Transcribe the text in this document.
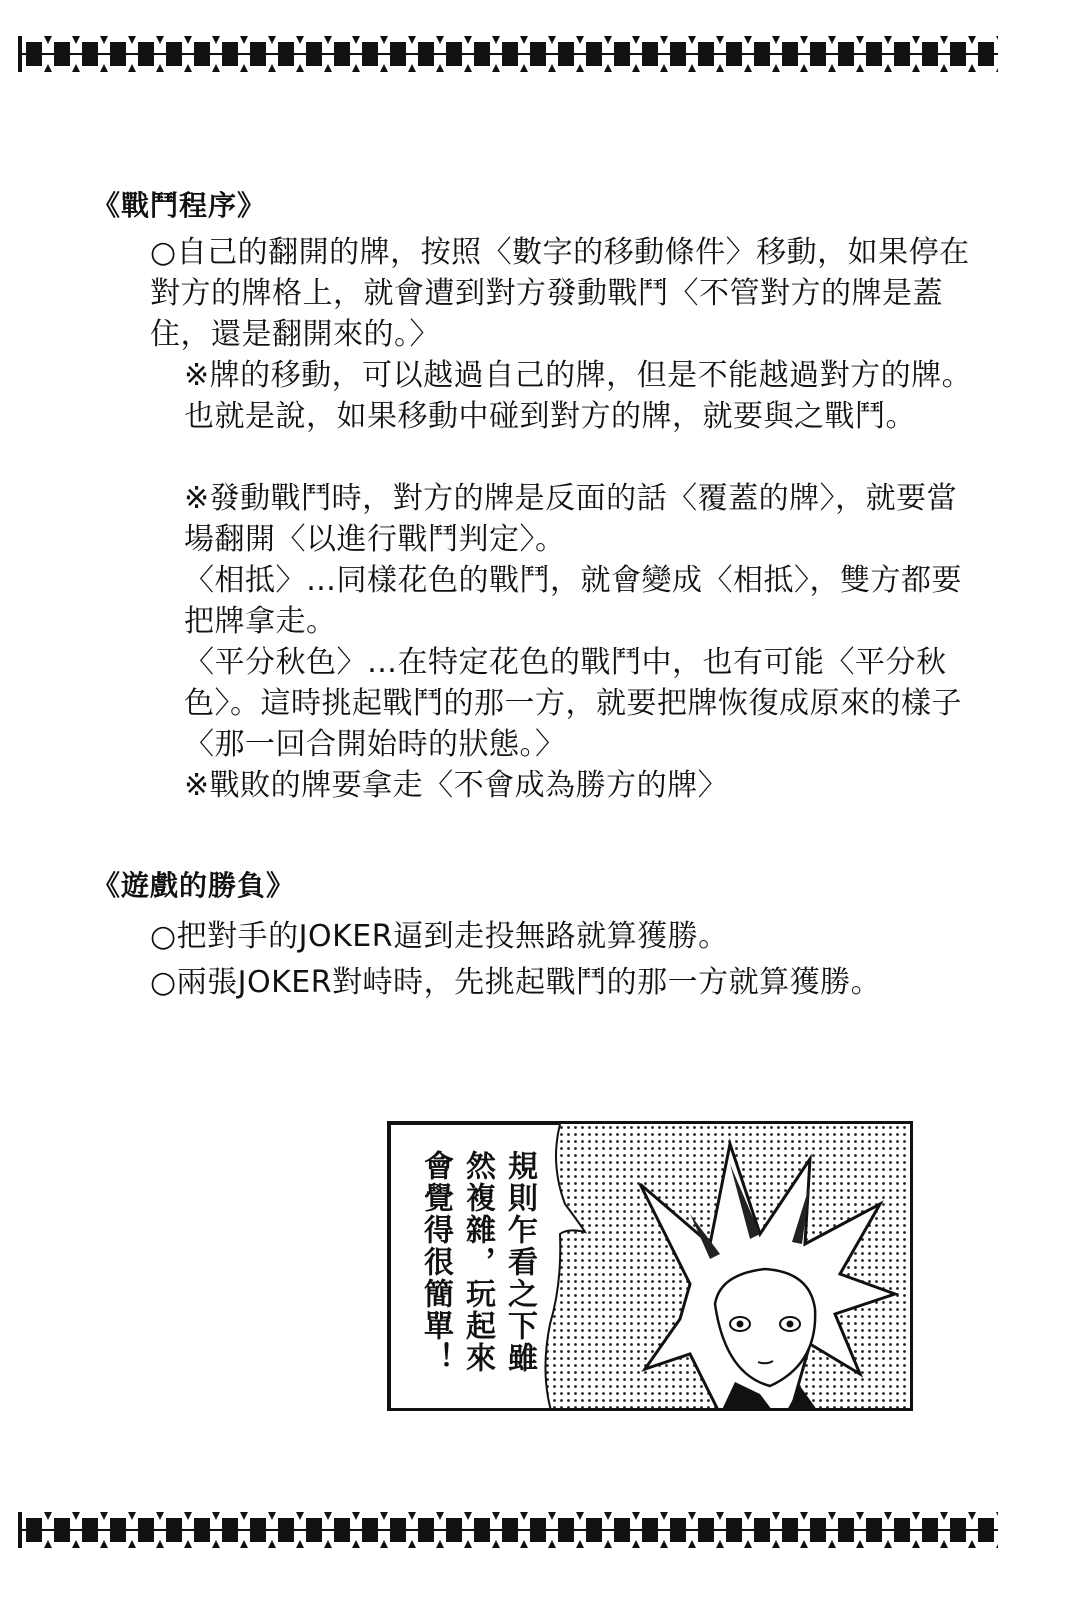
《戰鬥程序》
○自己的翻開的牌，按照〈數字的移動條件〉移動，如果停在對方的牌格上，就會遭到對方發動戰鬥〈不管對方的牌是蓋住，還是翻開來的。〉
※牌的移動，可以越過自己的牌，但是不能越過對方的牌。也就是說，如果移動中碰到對方的牌，就要與之戰鬥。
※發動戰鬥時，對方的牌是反面的話〈覆蓋的牌〉，就要當場翻開〈以進行戰鬥判定〉。
〈相抵〉…同樣花色的戰鬥，就會變成〈相抵〉，雙方都要把牌拿走。
〈平分秋色〉…在特定花色的戰鬥中，也有可能〈平分秋色〉。這時挑起戰鬥的那一方，就要把牌恢復成原來的樣子〈那一回合開始時的狀態。〉
※戰敗的牌要拿走〈不會成為勝方的牌〉
《遊戲的勝負》
○把對手的JOKER逼到走投無路就算獲勝。
○兩張JOKER對峙時，先挑起戰鬥的那一方就算獲勝。
規則乍看之下雖
然複雜，玩起來
會覺得很簡單！
